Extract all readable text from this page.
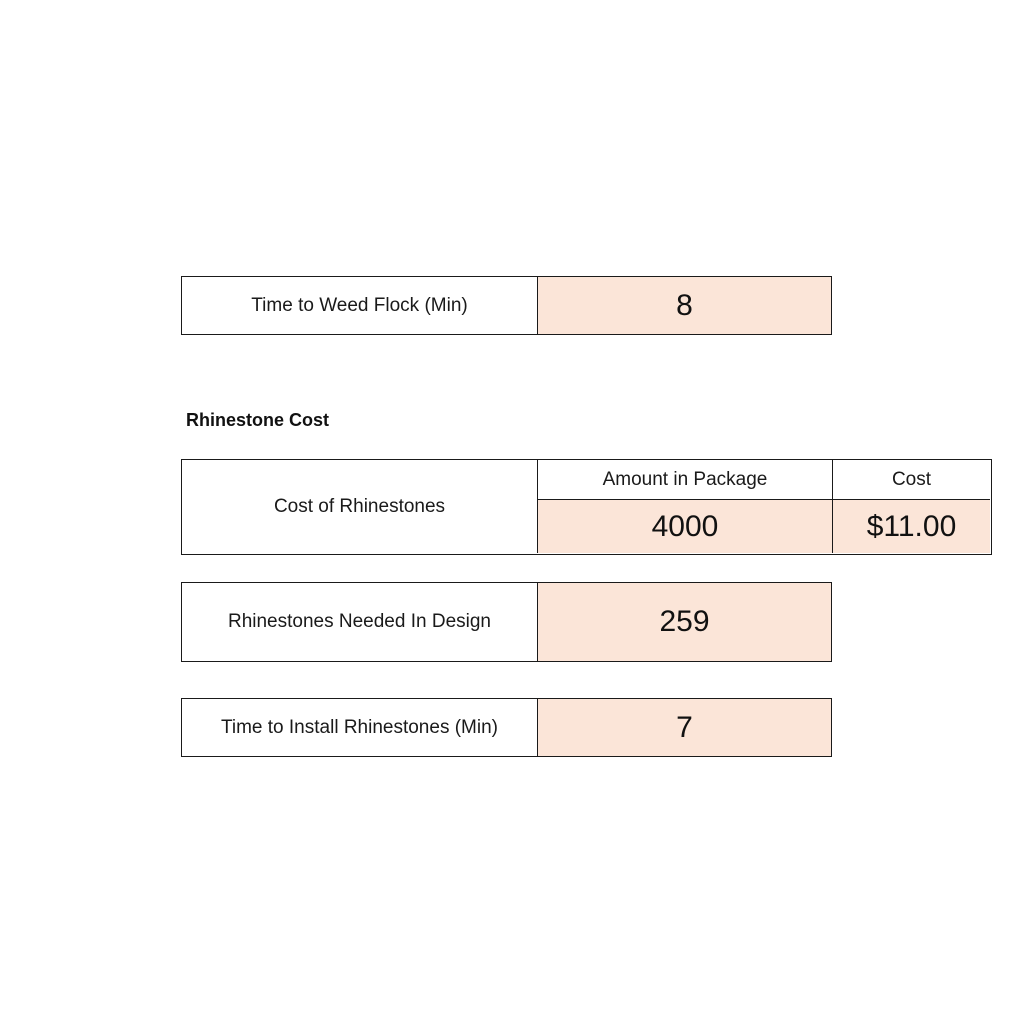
Time to Weed Flock (Min)	8
Rhinestone Cost
Cost of Rhinestones
Amount in Package	Cost
4000	$11.00
Rhinestones Needed In Design	259
Time to Install Rhinestones (Min)	7
